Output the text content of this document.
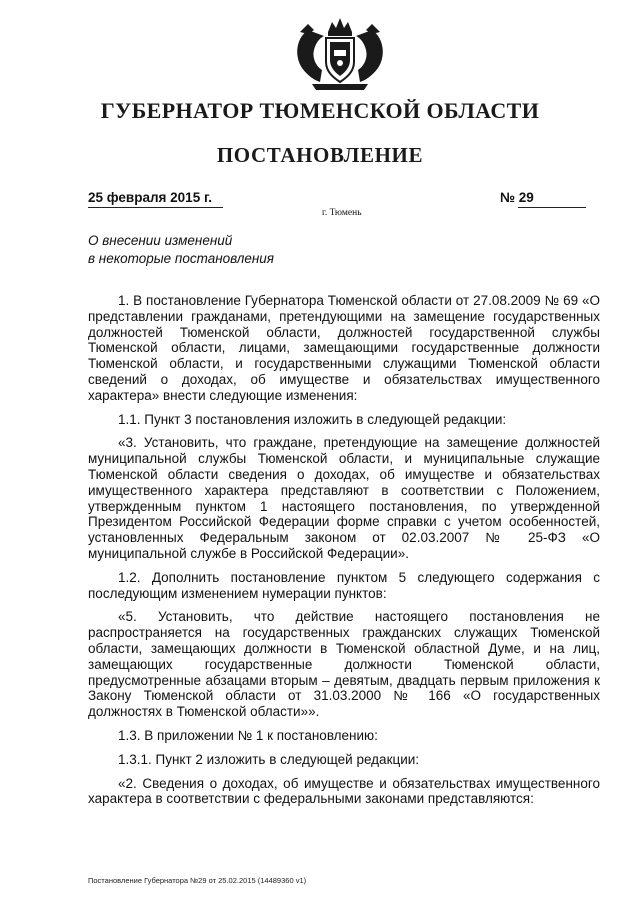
ГУБЕРНАТОР ТЮМЕНСКОЙ ОБЛАСТИ
ПОСТАНОВЛЕНИЕ
25 февраля 2015 г.	№ 29
г. Тюмень
О внесении изменений
в некоторые постановления

1. В постановление Губернатора Тюменской области от 27.08.2009 № 69 «О представлении гражданами, претендующими на замещение государственных должностей Тюменской области, должностей государственной службы Тюменской области, лицами, замещающими государственные должности Тюменской области, и государственными служащими Тюменской области сведений о доходах, об имуществе и обязательствах имущественного характера» внести следующие изменения:

1.1. Пункт 3 постановления изложить в следующей редакции:

«3. Установить, что граждане, претендующие на замещение должностей муниципальной службы Тюменской области, и муниципальные служащие Тюменской области сведения о доходах, об имуществе и обязательствах имущественного характера представляют в соответствии с Положением, утвержденным пунктом 1 настоящего постановления, по утвержденной Президентом Российской Федерации форме справки с учетом особенностей, установленных Федеральным законом от 02.03.2007 № 25-ФЗ «О муниципальной службе в Российской Федерации».

1.2. Дополнить постановление пунктом 5 следующего содержания с последующим изменением нумерации пунктов:

«5. Установить, что действие настоящего постановления не распространяется на государственных гражданских служащих Тюменской области, замещающих должности в Тюменской областной Думе, и на лиц, замещающих государственные должности Тюменской области, предусмотренные абзацами вторым – девятым, двадцать первым приложения к Закону Тюменской области от 31.03.2000 № 166 «О государственных должностях в Тюменской области»».

1.3. В приложении № 1 к постановлению:

1.3.1. Пункт 2 изложить в следующей редакции:

«2. Сведения о доходах, об имуществе и обязательствах имущественного характера в соответствии с федеральными законами представляются:

Постановление Губернатора №29 от 25.02.2015 (14489360 v1)
